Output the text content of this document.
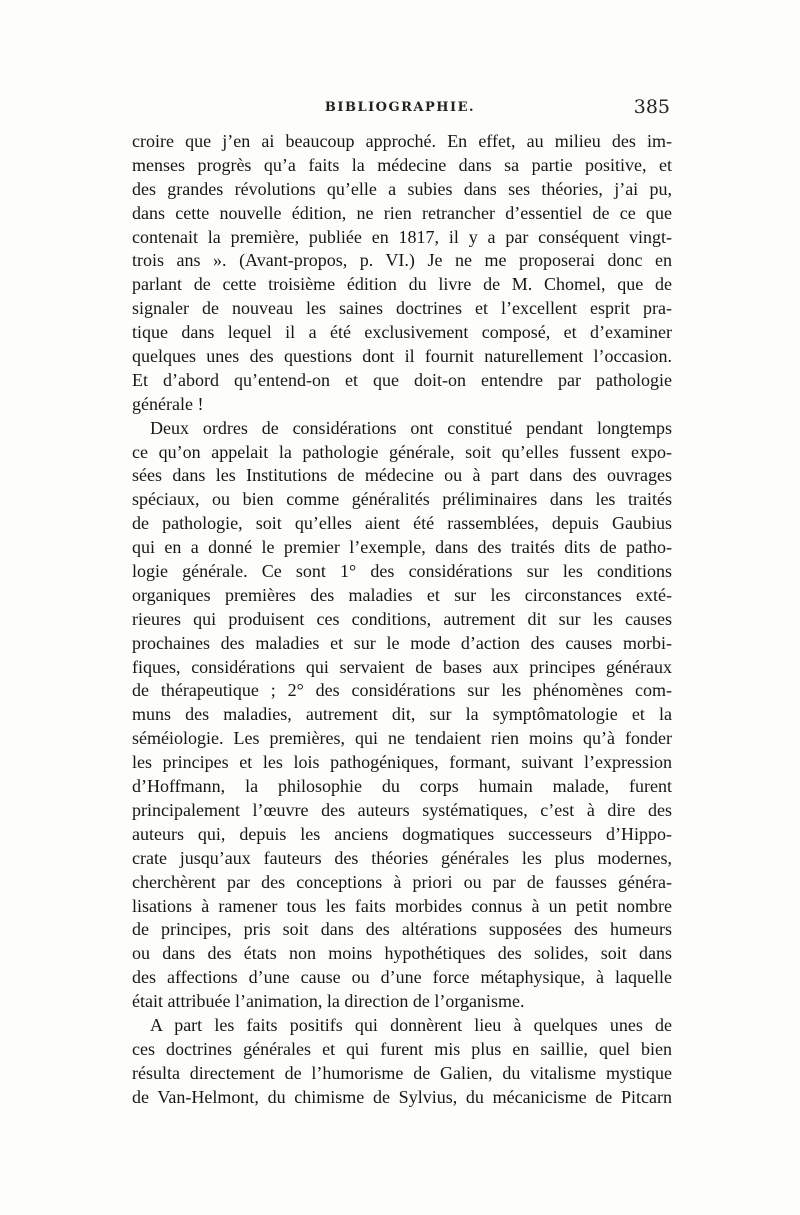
BIBLIOGRAPHIE.	385

croire que j’en ai beaucoup approché. En effet, au milieu des im-
menses progrès qu’a faits la médecine dans sa partie positive, et
des grandes révolutions qu’elle a subies dans ses théories, j’ai pu,
dans cette nouvelle édition, ne rien retrancher d’essentiel de ce que
contenait la première, publiée en 1817, il y a par conséquent vingt-
trois ans ». (Avant-propos, p. VI.) Je ne me proposerai donc en
parlant de cette troisième édition du livre de M. Chomel, que de
signaler de nouveau les saines doctrines et l’excellent esprit pra-
tique dans lequel il a été exclusivement composé, et d’examiner
quelques unes des questions dont il fournit naturellement l’occasion.
Et d’abord qu’entend-on et que doit-on entendre par pathologie
générale !

Deux ordres de considérations ont constitué pendant longtemps
ce qu’on appelait la pathologie générale, soit qu’elles fussent expo-
sées dans les Institutions de médecine ou à part dans des ouvrages
spéciaux, ou bien comme généralités préliminaires dans les traités
de pathologie, soit qu’elles aient été rassemblées, depuis Gaubius
qui en a donné le premier l’exemple, dans des traités dits de patho-
logie générale. Ce sont 1° des considérations sur les conditions
organiques premières des maladies et sur les circonstances exté-
rieures qui produisent ces conditions, autrement dit sur les causes
prochaines des maladies et sur le mode d’action des causes morbi-
fiques, considérations qui servaient de bases aux principes généraux
de thérapeutique ; 2° des considérations sur les phénomènes com-
muns des maladies, autrement dit, sur la symptômatologie et la
séméiologie. Les premières, qui ne tendaient rien moins qu’à fonder
les principes et les lois pathogéniques, formant, suivant l’expression
d’Hoffmann, la philosophie du corps humain malade, furent
principalement l’œuvre des auteurs systématiques, c’est à dire des
auteurs qui, depuis les anciens dogmatiques successeurs d’Hippo-
crate jusqu’aux fauteurs des théories générales les plus modernes,
cherchèrent par des conceptions à priori ou par de fausses généra-
lisations à ramener tous les faits morbides connus à un petit nombre
de principes, pris soit dans des altérations supposées des humeurs
ou dans des états non moins hypothétiques des solides, soit dans
des affections d’une cause ou d’une force métaphysique, à laquelle
était attribuée l’animation, la direction de l’organisme.

A part les faits positifs qui donnèrent lieu à quelques unes de
ces doctrines générales et qui furent mis plus en saillie, quel bien
résulta directement de l’humorisme de Galien, du vitalisme mystique
de Van-Helmont, du chimisme de Sylvius, du mécanicisme de Pitcarn
